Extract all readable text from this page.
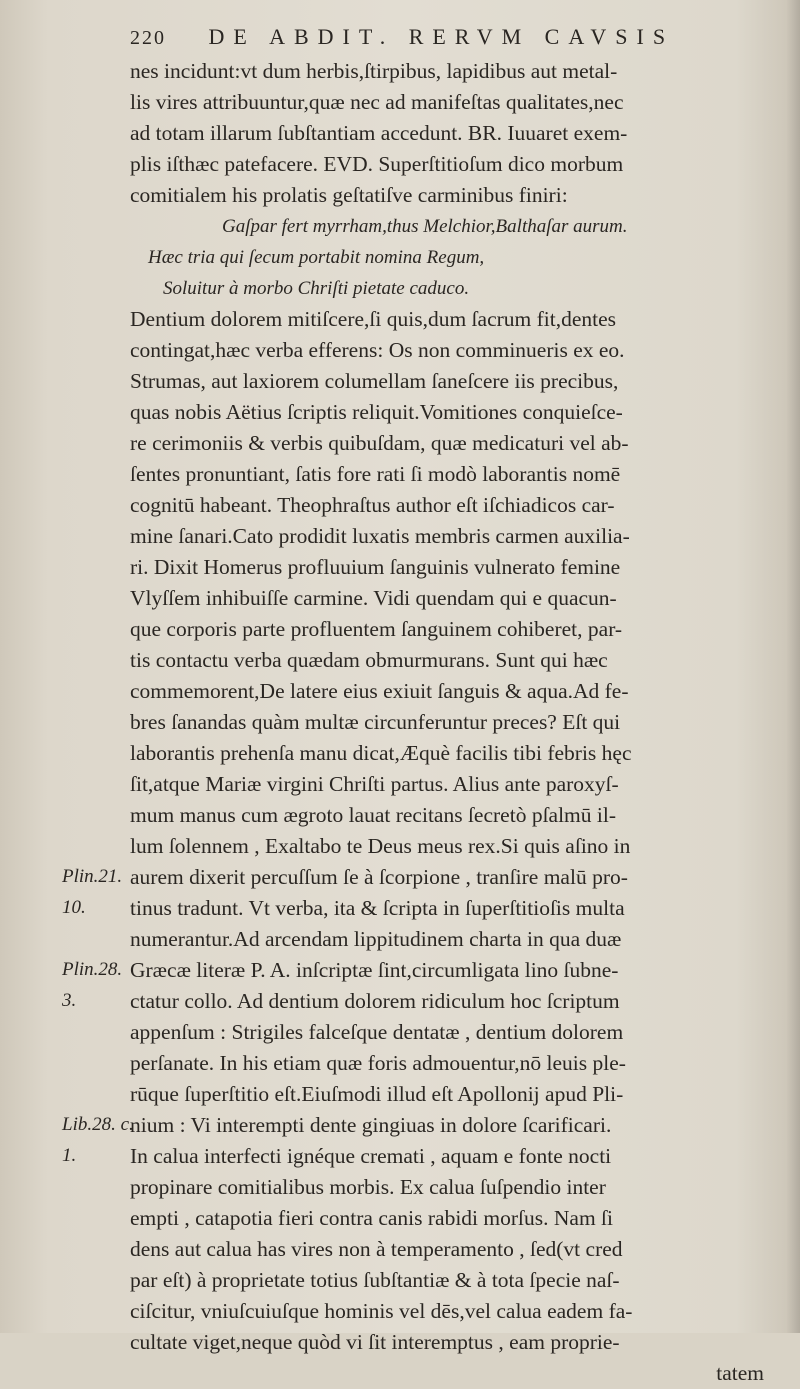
220 DE ABDIT. RERVM CAVSIS
nes incidunt:vt dum herbis,ſtirpibus, lapidibus aut metal-
lis vires attribuuntur,quæ nec ad manifeſtas qualitates,nec
ad totam illarum ſubſtantiam accedunt. BR. Iuuaret exem-
plis iſthæc patefacere. EVD. Superſtitioſum dico morbum
comitialem his prolatis geſtatiſve carminibus finiri:
Gaſpar fert myrrham,thus Melchior,Balthaſar aurum.
Hæc tria qui ſecum portabit nomina Regum,
Soluitur à morbo Chriſti pietate caduco.
Dentium dolorem mitiſcere,ſi quis,dum ſacrum fit,dentes
contingat,hæc verba efferens: Os non comminueris ex eo.
Strumas, aut laxiorem columellam ſaneſcere iis precibus,
quas nobis Aëtius ſcriptis reliquit.Vomitiones conquieſce-
re cerimoniis & verbis quibuſdam, quæ medicaturi vel ab-
ſentes pronuntiant, ſatis fore rati ſi modò laborantis nomē
cognitū habeant. Theophraſtus author eſt iſchiadicos car-
mine ſanari.Cato prodidit luxatis membris carmen auxilia-
ri. Dixit Homerus profluuium ſanguinis vulnerato femine
Vlyſſem inhibuiſſe carmine. Vidi quendam qui e quacun-
que corporis parte profluentem ſanguinem cohiberet, par-
tis contactu verba quædam obmurmurans. Sunt qui hæc
commemorent,De latere eius exiuit ſanguis & aqua.Ad fe-
bres ſanandas quàm multæ circunferuntur preces? Eſt qui
laborantis prehenſa manu dicat,Æquè facilis tibi febris hęc
ſit,atque Mariæ virgini Chriſti partus. Alius ante paroxyſ-
mum manus cum ægroto lauat recitans ſecretò pſalmū il-
lum ſolennem , Exaltabo te Deus meus rex.Si quis aſino in
aurem dixerit percuſſum ſe à ſcorpione , tranſire malū pro-
tinus tradunt. Vt verba, ita & ſcripta in ſuperſtitioſis multa
numerantur.Ad arcendam lippitudinem charta in qua duæ
Græcæ literæ P. A. inſcriptæ ſint,circumligata lino ſubne-
ctatur collo. Ad dentium dolorem ridiculum hoc ſcriptum
appenſum : Strigiles falceſque dentatæ , dentium dolorem
perſanate. In his etiam quæ foris admouentur,nō leuis ple-
rūque ſuperſtitio eſt.Eiuſmodi illud eſt Apollonij apud Pli-
nium : Vi interempti dente gingiuas in dolore ſcarificari.
In calua interfecti ignéque cremati , aquam e fonte nocti
propinare comitialibus morbis. Ex calua ſuſpendio inter
empti , catapotia fieri contra canis rabidi morſus. Nam ſi
dens aut calua has vires non à temperamento , ſed(vt cred
par eſt) à proprietate totius ſubſtantiæ & à tota ſpecie naſ-
ciſcitur, vniuſcuiuſque hominis vel dēs,vel calua eadem fa-
cultate viget,neque quòd vi ſit interemptus , eam proprie-
tatem
Plin.21.
10.
Plin.28.
3.
Lib.28. c.
1.
